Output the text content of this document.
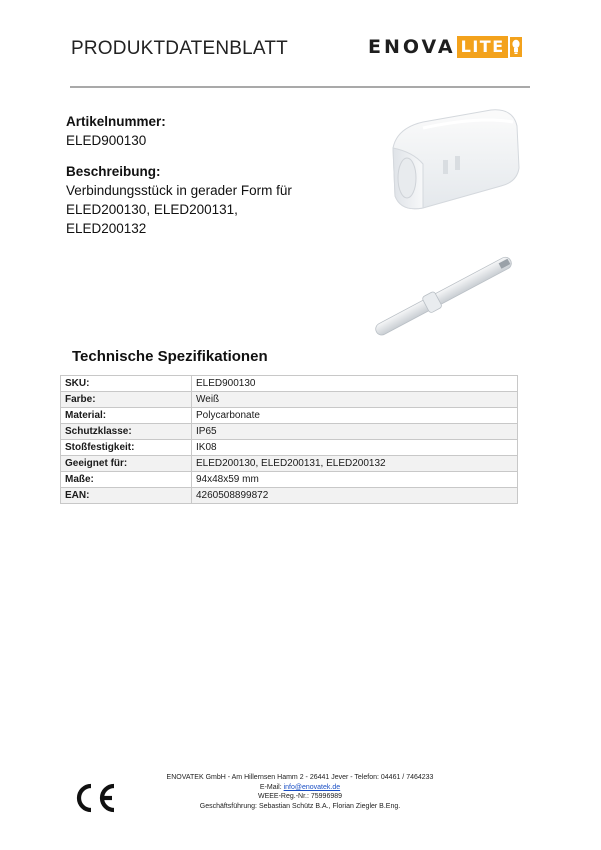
PRODUKTDATENBLATT	ENOVA LITE
Artikelnummer:
ELED900130
Beschreibung:
Verbindungsstück in gerader Form für
ELED200130, ELED200131,
ELED200132
Technische Spezifikationen
SKU:	ELED900130
Farbe:	Weiß
Material:	Polycarbonate
Schutzklasse:	IP65
Stoßfestigkeit:	IK08
Geeignet für:	ELED200130, ELED200131, ELED200132
Maße:	94x48x59 mm
EAN:	4260508899872
ENOVATEK GmbH - Am Hillernsen Hamm 2 - 26441 Jever - Telefon: 04461 / 7464233
E-Mail: info@enovatek.de
WEEE-Reg.-Nr.: 75996989
Geschäftsführung: Sebastian Schütz B.A., Florian Ziegler B.Eng.
